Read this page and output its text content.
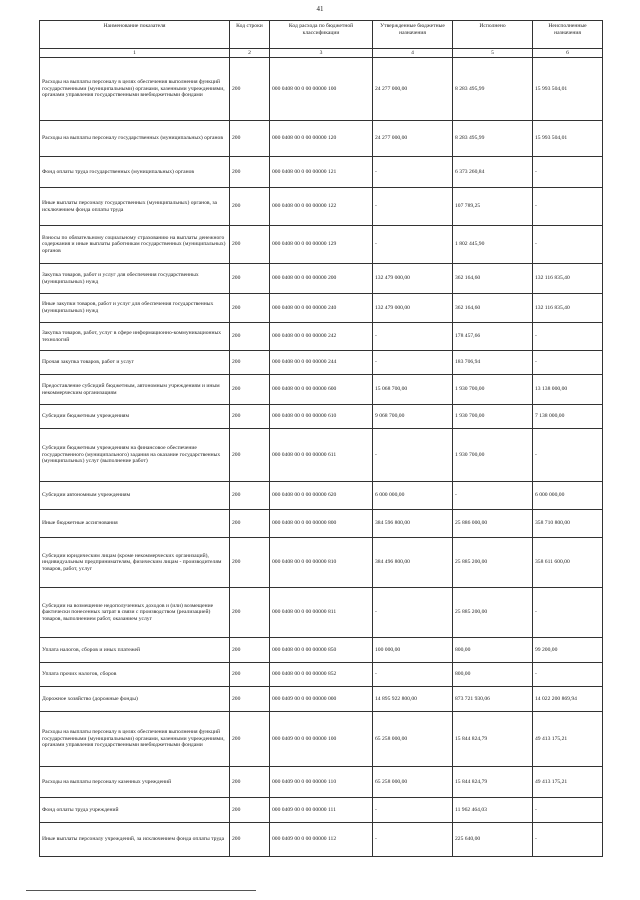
41
Наименование показателя	Код строки	Код расхода по бюджетной классификации	Утвержденные бюджетные назначения	Исполнено	Неисполненные назначения
1	2	3	4	5	6
Расходы на выплаты персоналу в целях обеспечения выполнения функций государственными (муниципальными) органами, казенными учреждениями, органами управления государственными внебюджетными фондами	200	000 0408 00 0 00 00000 100	24 277 000,00	8 283 495,99	15 993 504,01
Расходы на выплаты персоналу государственных (муниципальных) органов	200	000 0408 00 0 00 00000 120	24 277 000,00	8 283 495,99	15 993 504,01
Фонд оплаты труда государственных (муниципальных) органов	200	000 0408 00 0 00 00000 121	-	6 373 260,84	-
Иные выплаты персоналу государственных (муниципальных) органов, за исключением фонда оплаты труда	200	000 0408 00 0 00 00000 122	-	107 789,25	-
Взносы по обязательному социальному страхованию на выплаты денежного содержания и иные выплаты работникам государственных (муниципальных) органов	200	000 0408 00 0 00 00000 129	-	1 802 445,90	-
Закупка товаров, работ и услуг для обеспечения государственных (муниципальных) нужд	200	000 0408 00 0 00 00000 200	132 479 000,00	362 164,60	132 116 835,40
Иные закупки товаров, работ и услуг для обеспечения государственных (муниципальных) нужд	200	000 0408 00 0 00 00000 240	132 479 000,00	362 164,60	132 116 835,40
Закупка товаров, работ, услуг в сфере информационно-коммуникационных технологий	200	000 0408 00 0 00 00000 242	-	178 457,66	-
Прочая закупка товаров, работ и услуг	200	000 0408 00 0 00 00000 244	-	183 706,94	-
Предоставление субсидий бюджетным, автономным учреждениям и иным некоммерческим организациям	200	000 0408 00 0 00 00000 600	15 068 700,00	1 930 700,00	13 138 000,00
Субсидии бюджетным учреждениям	200	000 0408 00 0 00 00000 610	9 068 700,00	1 930 700,00	7 138 000,00
Субсидии бюджетным учреждениям на финансовое обеспечение государственного (муниципального) задания на оказание государственных (муниципальных) услуг (выполнение работ)	200	000 0408 00 0 00 00000 611	-	1 930 700,00	-
Субсидии автономным учреждениям	200	000 0408 00 0 00 00000 620	6 000 000,00	-	6 000 000,00
Иные бюджетные ассигнования	200	000 0408 00 0 00 00000 800	384 596 800,00	25 886 000,00	358 710 800,00
Субсидии юридическим лицам (кроме некоммерческих организаций), индивидуальным предпринимателям, физическим лицам - производителям товаров, работ, услуг	200	000 0408 00 0 00 00000 810	384 496 800,00	25 885 200,00	358 611 600,00
Субсидии на возмещение недополученных доходов и (или) возмещение фактически понесенных затрат в связи с производством (реализацией) товаров, выполнением работ, оказанием услуг	200	000 0408 00 0 00 00000 811	-	25 885 200,00	-
Уплата налогов, сборов и иных платежей	200	000 0408 00 0 00 00000 850	100 000,00	800,00	99 200,00
Уплата прочих налогов, сборов	200	000 0408 00 0 00 00000 852	-	800,00	-
Дорожное хозяйство (дорожные фонды)	200	000 0409 00 0 00 00000 000	14 895 922 800,00	873 721 930,06	14 022 200 869,94
Расходы на выплаты персоналу в целях обеспечения выполнения функций государственными (муниципальными) органами, казенными учреждениями, органами управления государственными внебюджетными фондами	200	000 0409 00 0 00 00000 100	65 258 000,00	15 844 824,79	49 413 175,21
Расходы на выплаты персоналу казенных учреждений	200	000 0409 00 0 00 00000 110	65 258 000,00	15 844 824,79	49 413 175,21
Фонд оплаты труда учреждений	200	000 0409 00 0 00 00000 111	-	11 962 464,03	-
Иные выплаты персоналу учреждений, за исключением фонда оплаты труда	200	000 0409 00 0 00 00000 112	-	225 640,00	-
